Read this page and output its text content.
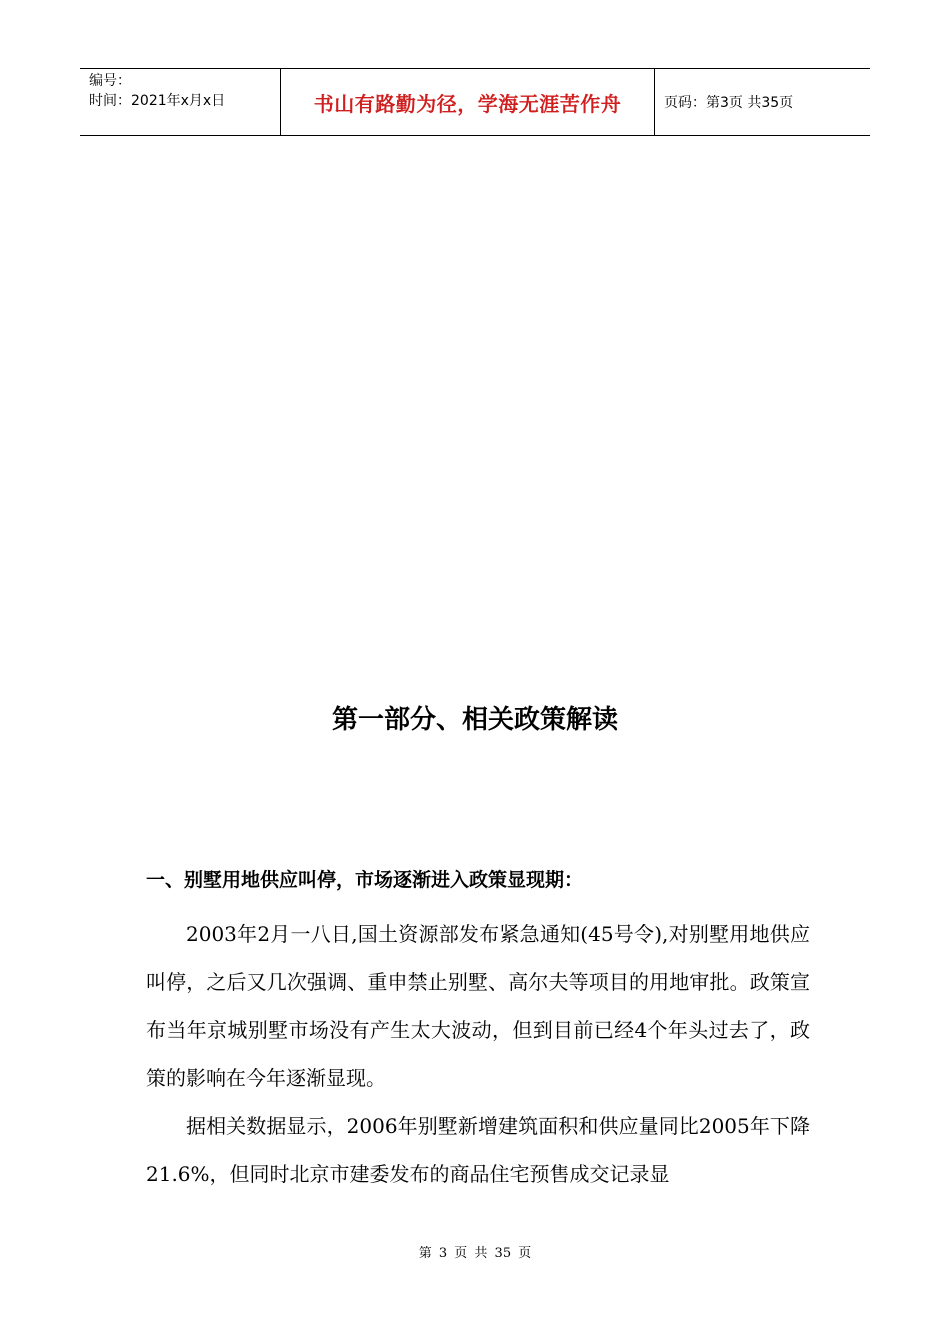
编号：
时间：2021年x月x日	书山有路勤为径，学海无涯苦作舟	页码：第3页 共35页
第一部分、相关政策解读
一、别墅用地供应叫停，市场逐渐进入政策显现期：

2003年2月一八日,国土资源部发布紧急通知(45号令),对别墅用地供应叫停，之后又几次强调、重申禁止别墅、高尔夫等项目的用地审批。政策宣布当年京城别墅市场没有产生太大波动，但到目前已经4个年头过去了，政策的影响在今年逐渐显现。

据相关数据显示，2006年别墅新增建筑面积和供应量同比2005年下降21.6%，但同时北京市建委发布的商品住宅预售成交记录显

第 3 页 共 35 页
